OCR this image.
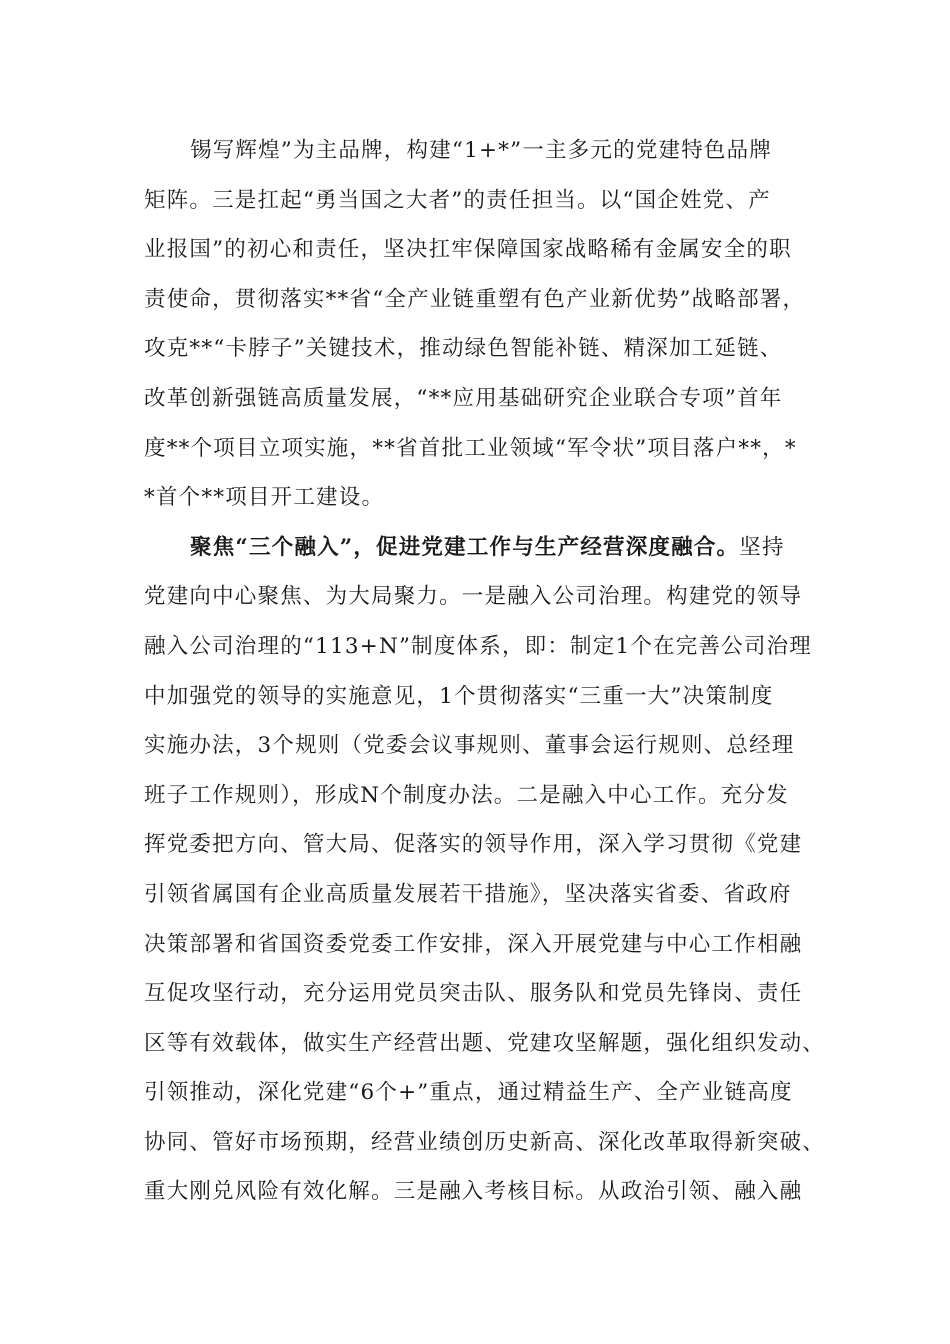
锡写辉煌”为主品牌，构建“1+*”一主多元的党建特色品牌
矩阵。三是扛起“勇当国之大者”的责任担当。以“国企姓党、产
业报国”的初心和责任，坚决扛牢保障国家战略稀有金属安全的职
责使命，贯彻落实**省“全产业链重塑有色产业新优势”战略部署，
攻克**“卡脖子”关键技术，推动绿色智能补链、精深加工延链、
改革创新强链高质量发展，“**应用基础研究企业联合专项”首年
度**个项目立项实施，**省首批工业领域“军令状”项目落户**，*
*首个**项目开工建设。
聚焦“三个融入”，促进党建工作与生产经营深度融合。坚持
党建向中心聚焦、为大局聚力。一是融入公司治理。构建党的领导
融入公司治理的“113+N”制度体系，即：制定1个在完善公司治理
中加强党的领导的实施意见，1个贯彻落实“三重一大”决策制度
实施办法，3个规则（党委会议事规则、董事会运行规则、总经理
班子工作规则），形成N个制度办法。二是融入中心工作。充分发
挥党委把方向、管大局、促落实的领导作用，深入学习贯彻《党建
引领省属国有企业高质量发展若干措施》，坚决落实省委、省政府
决策部署和省国资委党委工作安排，深入开展党建与中心工作相融
互促攻坚行动，充分运用党员突击队、服务队和党员先锋岗、责任
区等有效载体，做实生产经营出题、党建攻坚解题，强化组织发动、
引领推动，深化党建“6个+”重点，通过精益生产、全产业链高度
协同、管好市场预期，经营业绩创历史新高、深化改革取得新突破、
重大刚兑风险有效化解。三是融入考核目标。从政治引领、融入融
